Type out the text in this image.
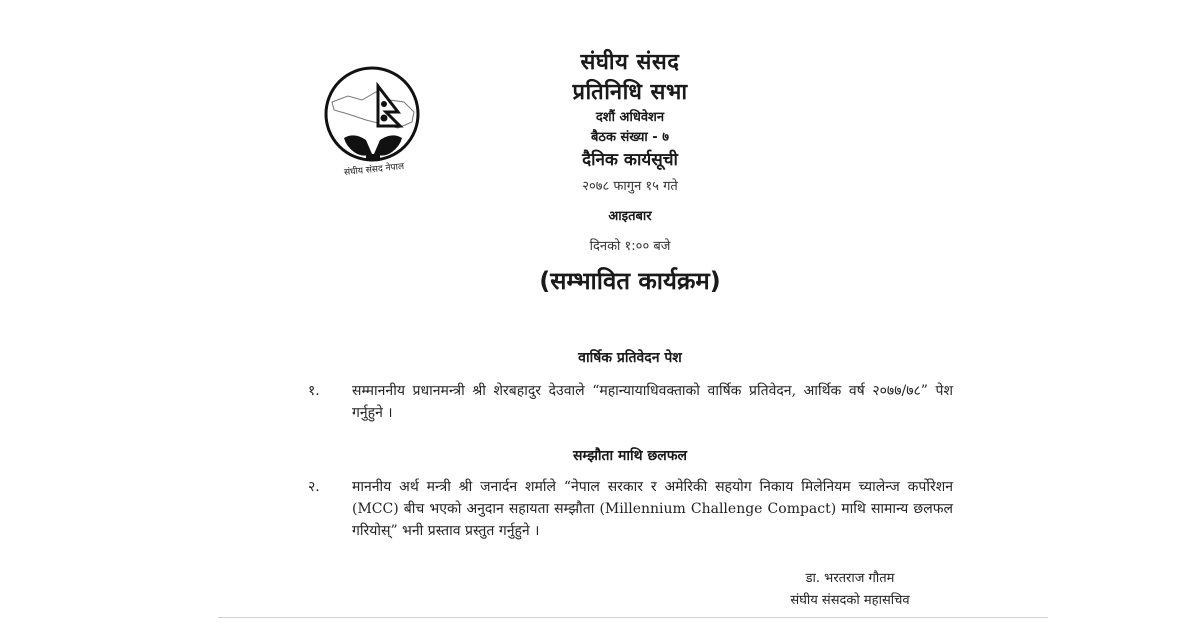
संघीय संसद नेपाल
संघीय संसद
प्रतिनिधि सभा
दशौं अधिवेशन
बैठक संख्या - ७
दैनिक कार्यसूची
२०७८ फागुन १५ गते
आइतबार
दिनको १:०० बजे
(सम्भावित कार्यक्रम)
वार्षिक प्रतिवेदन पेश
१.	सम्माननीय प्रधानमन्त्री श्री शेरबहादुर देउवाले “महान्यायाधिवक्ताको वार्षिक प्रतिवेदन, आर्थिक वर्ष २०७७/७८” पेश गर्नुहुने ।
सम्झौता माथि छलफल
२.	माननीय अर्थ मन्त्री श्री जनार्दन शर्माले “नेपाल सरकार र अमेरिकी सहयोग निकाय मिलेनियम च्यालेन्ज कर्पोरेशन (MCC) बीच भएको अनुदान सहायता सम्झौता (Millennium Challenge Compact) माथि सामान्य छलफल गरियोस्” भनी प्रस्ताव प्रस्तुत गर्नुहुने ।
डा. भरतराज गौतम
संघीय संसदको महासचिव
